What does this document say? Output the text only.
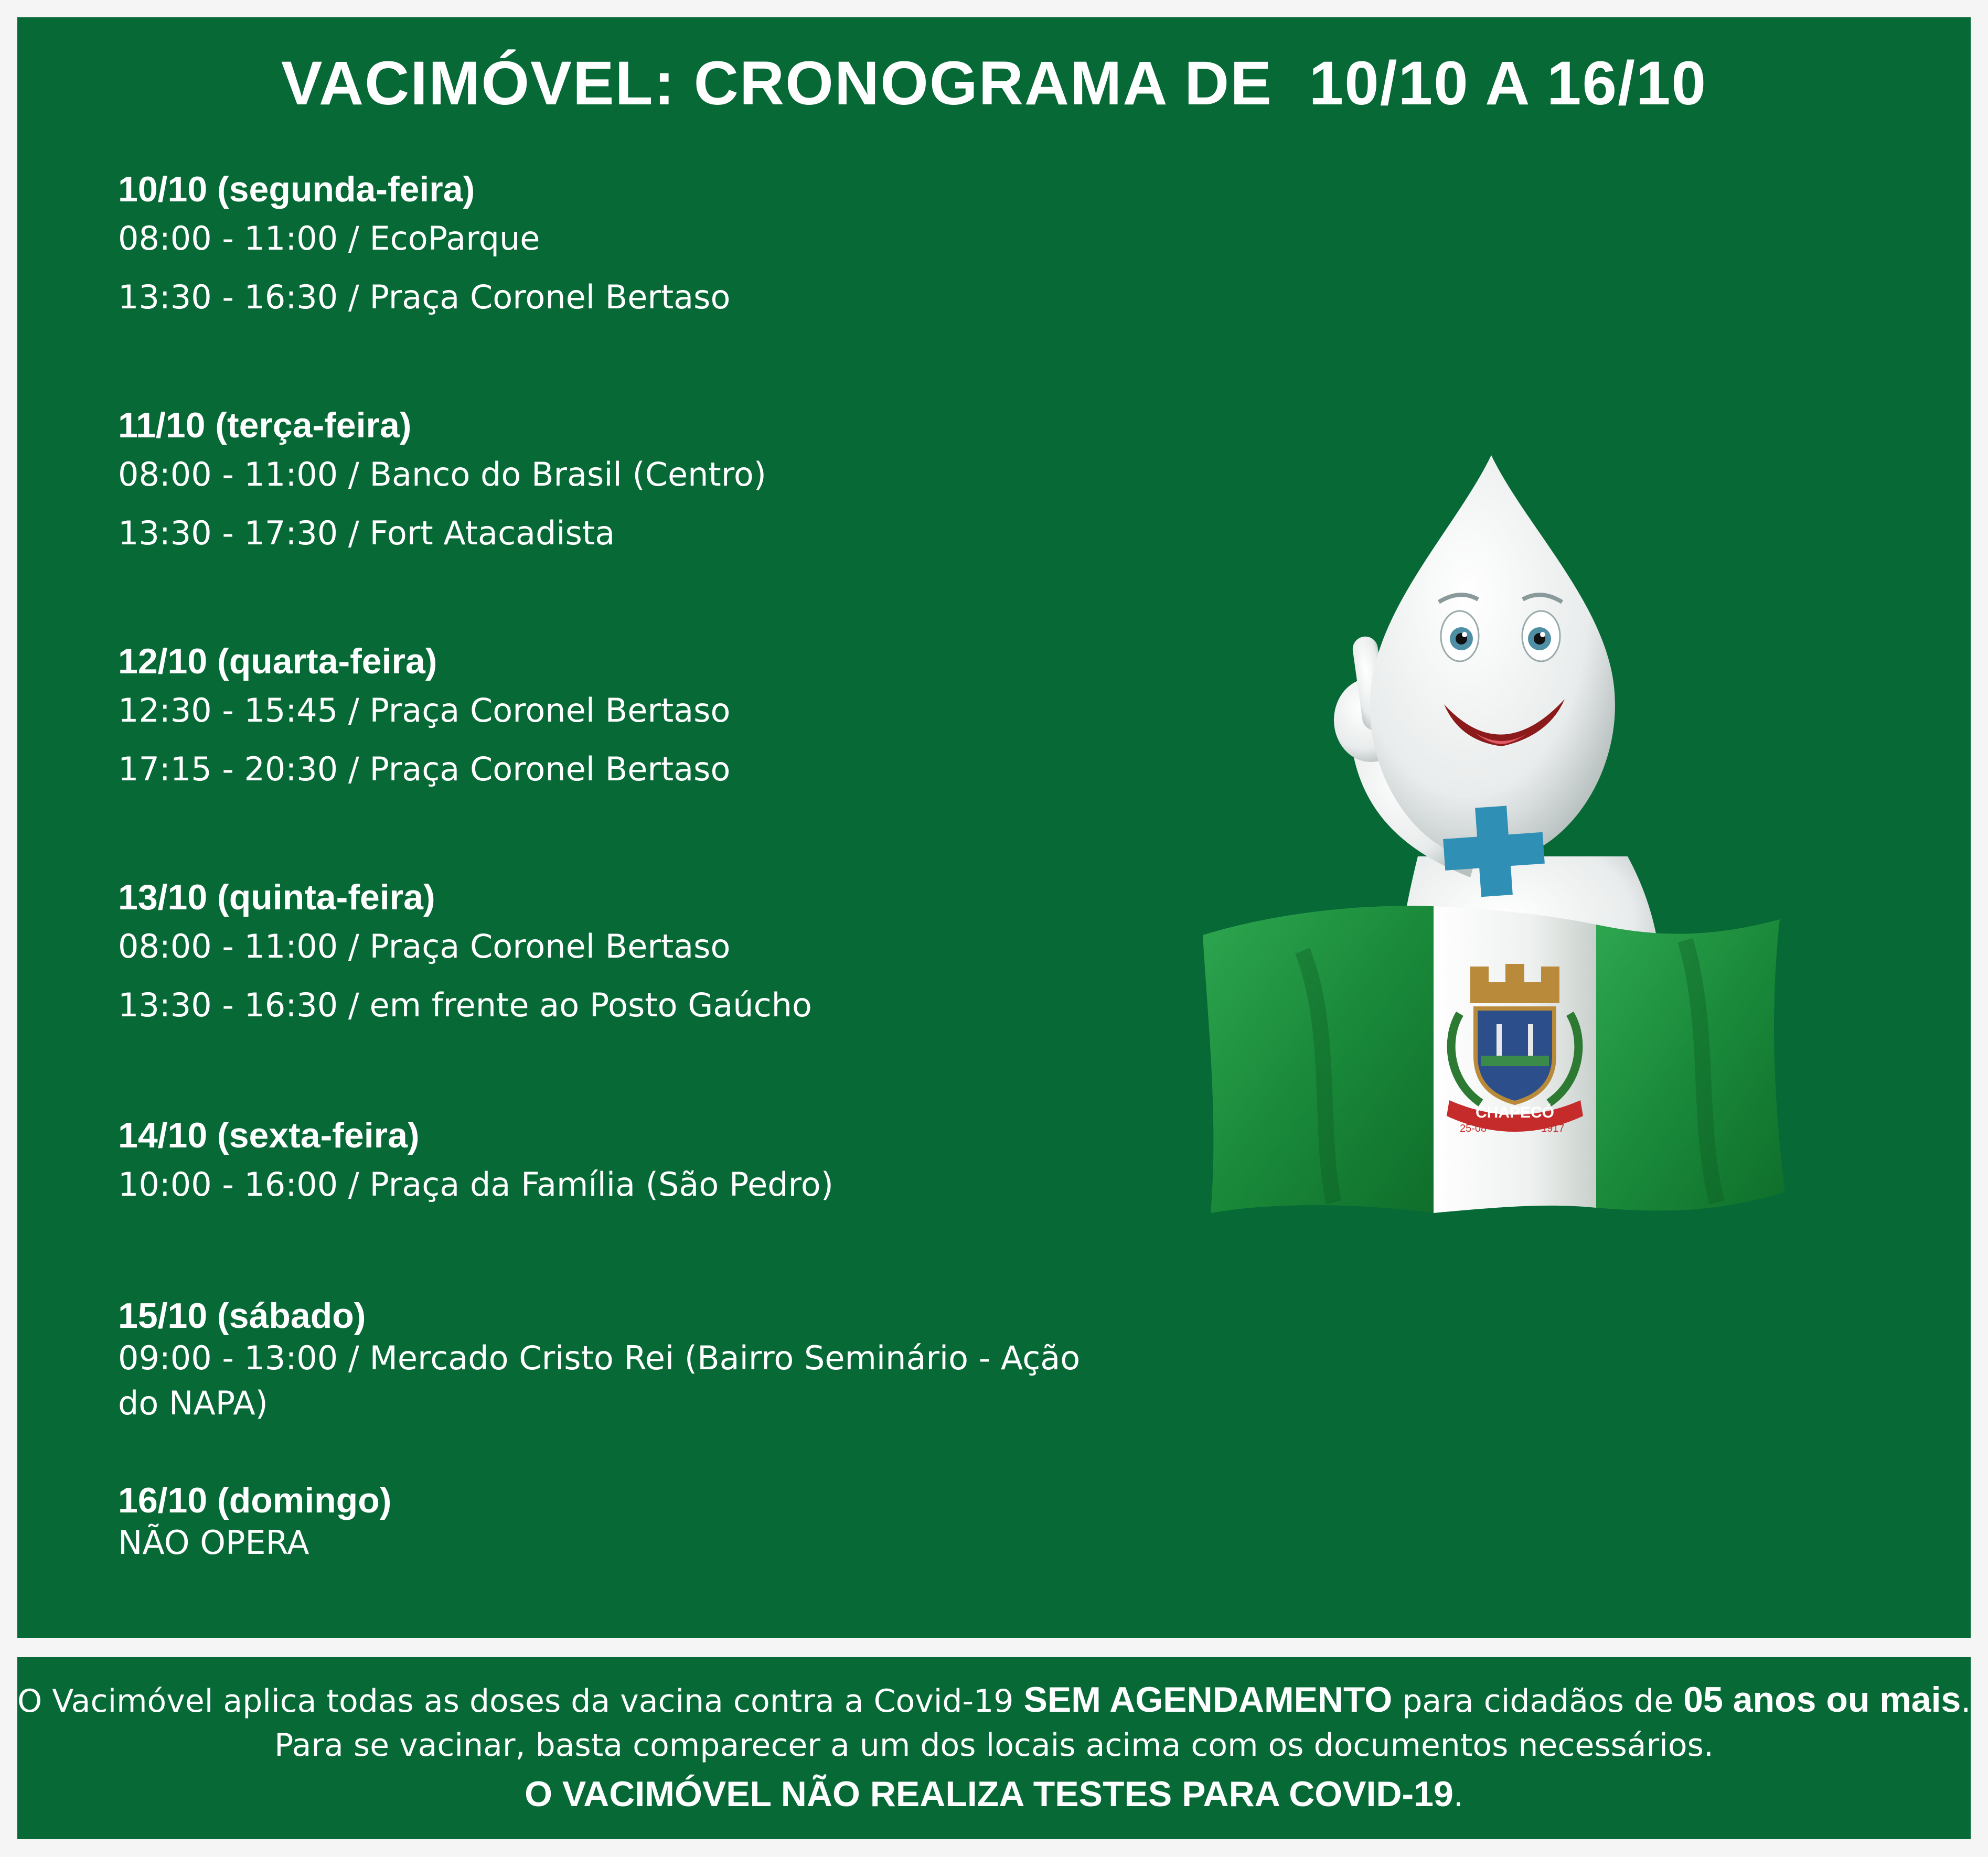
VACIMÓVEL: CRONOGRAMA DE  10/10 A 16/10
10/10 (segunda-feira)
08:00 - 11:00 / EcoParque
13:30 - 16:30 / Praça Coronel Bertaso
11/10 (terça-feira)
08:00 - 11:00 / Banco do Brasil (Centro)
13:30 - 17:30 / Fort Atacadista
12/10 (quarta-feira)
12:30 - 15:45 / Praça Coronel Bertaso
17:15 - 20:30 / Praça Coronel Bertaso
13/10 (quinta-feira)
08:00 - 11:00 / Praça Coronel Bertaso
13:30 - 16:30 / em frente ao Posto Gaúcho
14/10 (sexta-feira)
10:00 - 16:00 / Praça da Família (São Pedro)
15/10 (sábado)
09:00 - 13:00 / Mercado Cristo Rei (Bairro Seminário - Ação do NAPA)
16/10 (domingo)
NÃO OPERA
CHAPECÓ
25-08	1917
O Vacimóvel aplica todas as doses da vacina contra a Covid-19 SEM AGENDAMENTO para cidadãos de 05 anos ou mais.
Para se vacinar, basta comparecer a um dos locais acima com os documentos necessários.
O VACIMÓVEL NÃO REALIZA TESTES PARA COVID-19.
